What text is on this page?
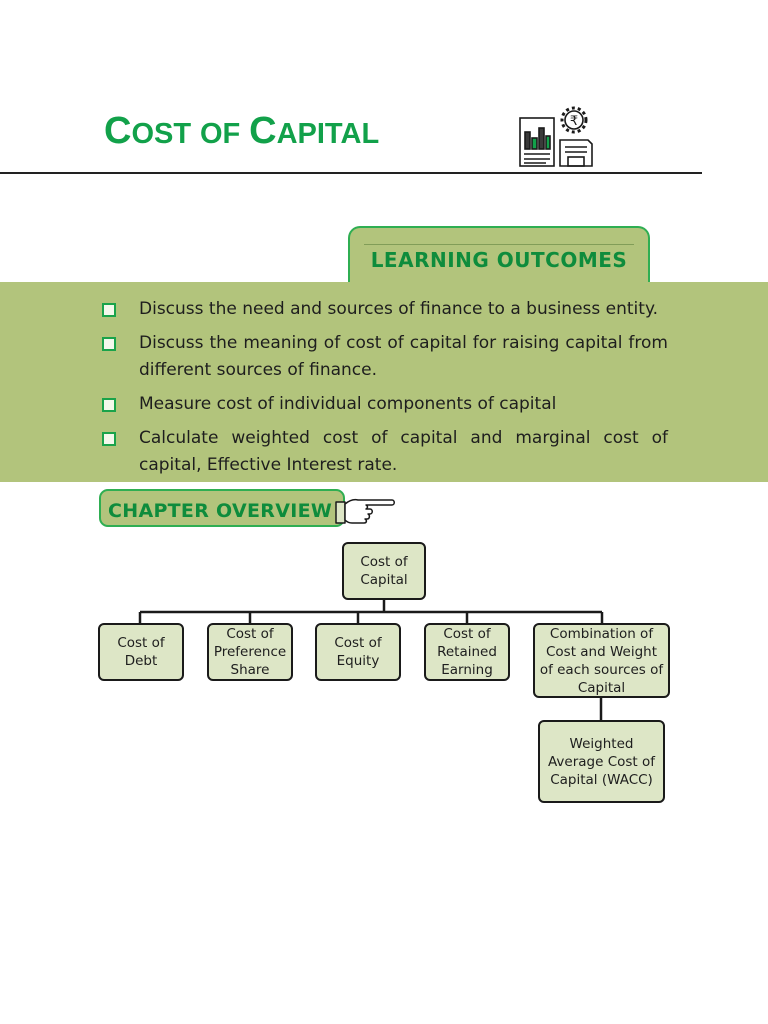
COST OF CAPITAL	₹
LEARNING OUTCOMES
Discuss the need and sources of finance to a business entity.
Discuss the meaning of cost of capital for raising capital from different sources of finance.
Measure cost of individual components of capital
Calculate weighted cost of capital and marginal cost of capital, Effective Interest rate.
CHAPTER OVERVIEW
Cost of Capital
Cost of Debt
Cost of Preference Share
Cost of Equity
Cost of Retained Earning
Combination of Cost and Weight of each sources of Capital
Weighted Average Cost of Capital (WACC)
